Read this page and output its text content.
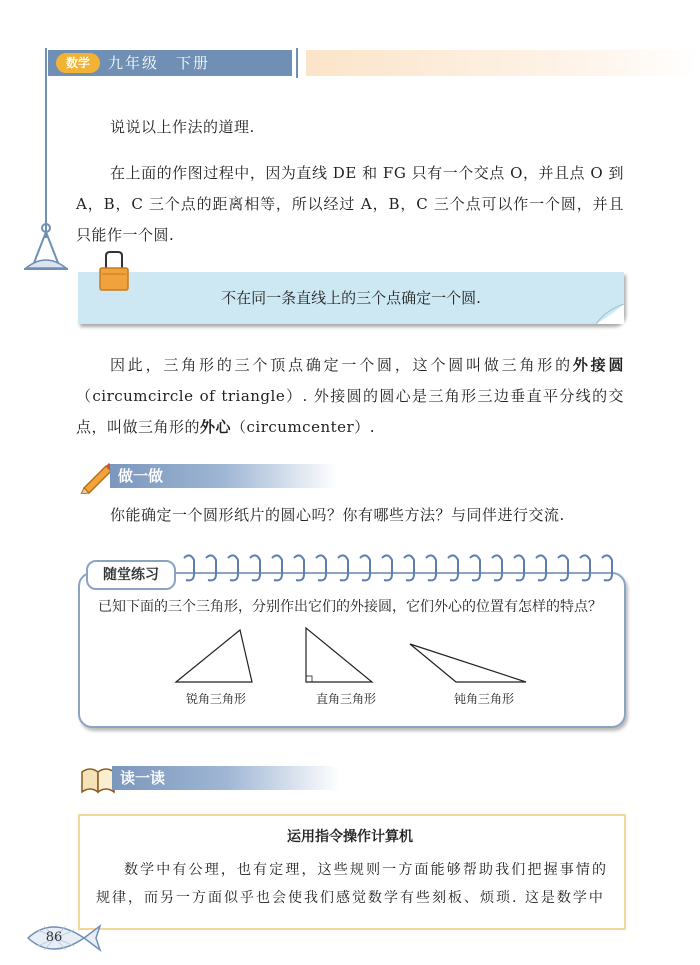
数学	九年级　下册

说说以上作法的道理.

在上面的作图过程中，因为直线 DE 和 FG 只有一个交点 O，并且点 O 到 A，B，C 三个点的距离相等，所以经过 A，B，C 三个点可以作一个圆，并且只能作一个圆.

不在同一条直线上的三个点确定一个圆.

因此，三角形的三个顶点确定一个圆，这个圆叫做三角形的外接圆（circumcircle of triangle）. 外接圆的圆心是三角形三边垂直平分线的交点，叫做三角形的外心（circumcenter）.

做一做

你能确定一个圆形纸片的圆心吗？你有哪些方法？与同伴进行交流.

随堂练习
已知下面的三个三角形，分别作出它们的外接圆，它们外心的位置有怎样的特点？
锐角三角形	直角三角形	钝角三角形
读一读
运用指令操作计算机

数学中有公理，也有定理，这些规则一方面能够帮助我们把握事情的规律，而另一方面似乎也会使我们感觉数学有些刻板、烦琐. 这是数学中

86
